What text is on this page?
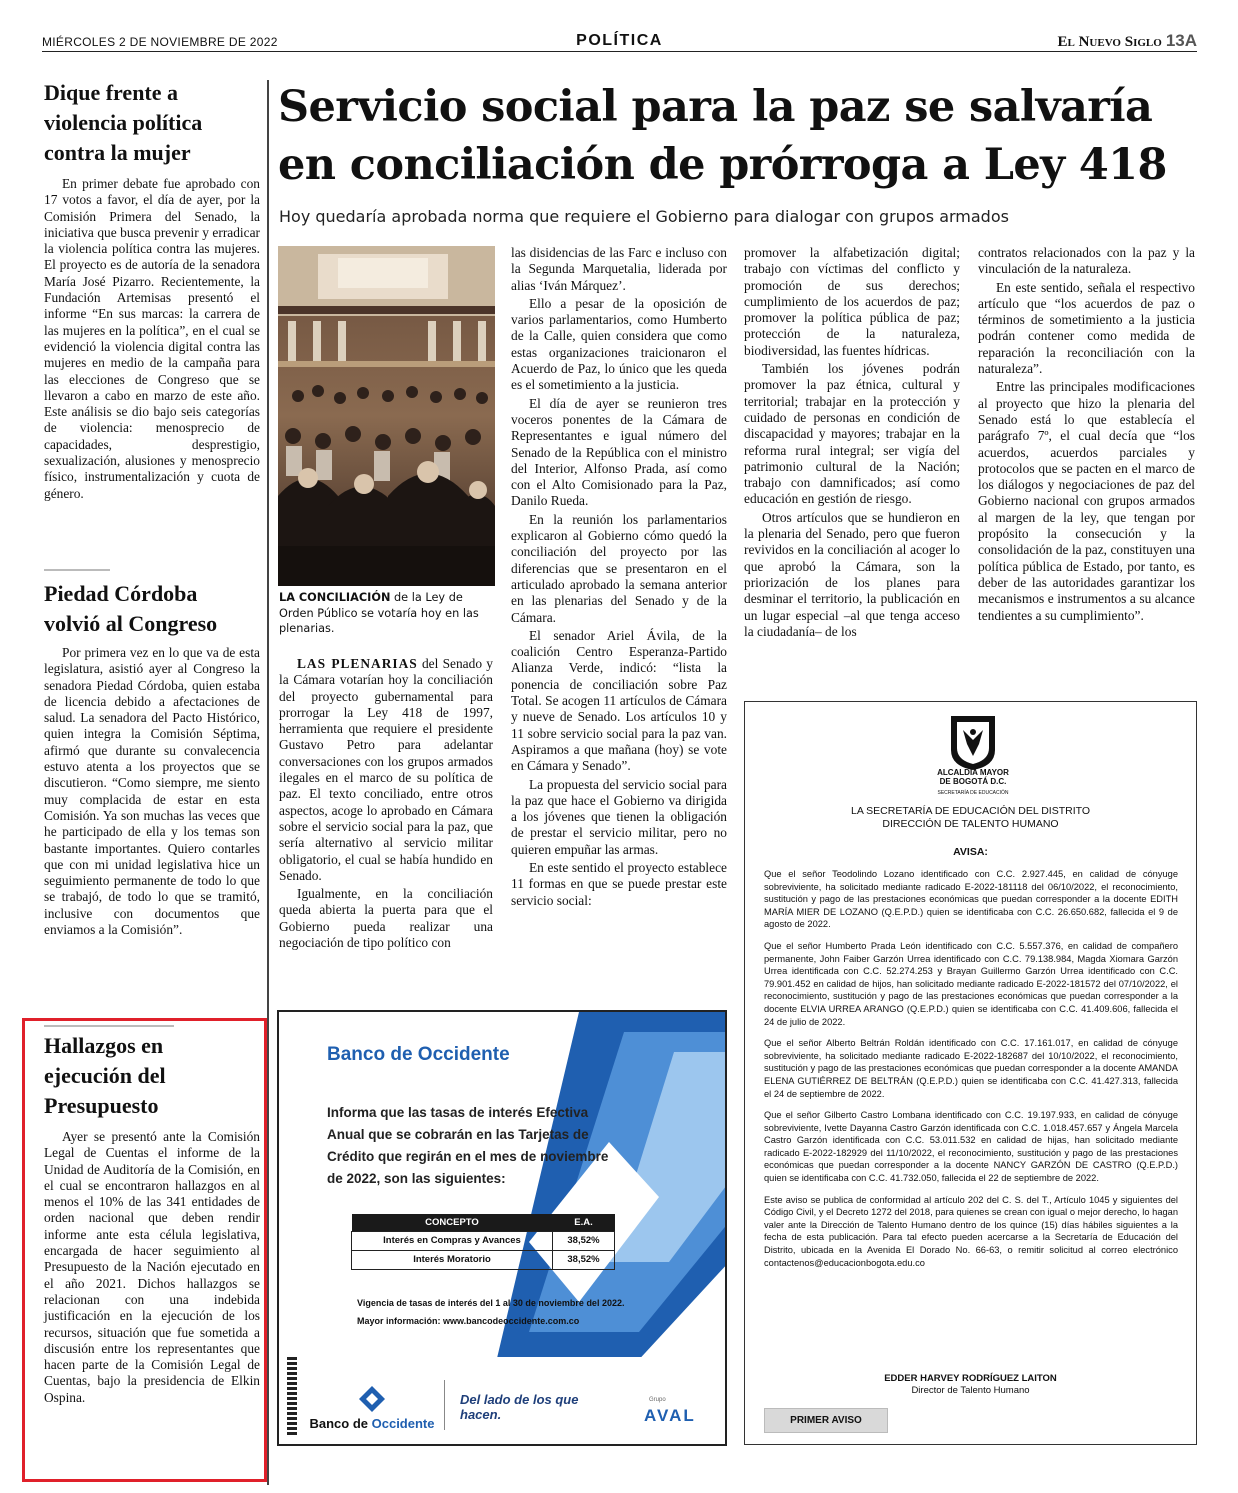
MIÉRCOLES 2 DE NOVIEMBRE DE 2022	POLÍTICA	El Nuevo Siglo 13A
Dique frente a
violencia política
contra la mujer

En primer debate fue aprobado con 17 votos a favor, el día de ayer, por la Comisión Primera del Senado, la iniciativa que busca prevenir y erradicar la violencia política contra las mujeres. El proyecto es de autoría de la senadora María José Pizarro. Recientemente, la Fundación Artemisas presentó el informe “En sus marcas: la carrera de las mujeres en la política”, en el cual se evidenció la violencia digital contra las mujeres en medio de la campaña para las elecciones de Congreso que se llevaron a cabo en marzo de este año. Este análisis se dio bajo seis categorías de violencia: menosprecio de capacidades, desprestigio, sexualización, alusiones y menosprecio físico, instrumentalización y cuota de género.

Piedad Córdoba
volvió al Congreso

Por primera vez en lo que va de esta legislatura, asistió ayer al Congreso la senadora Piedad Córdoba, quien estaba de licencia debido a afectaciones de salud. La senadora del Pacto Histórico, quien integra la Comisión Séptima, afirmó que durante su convalecencia estuvo atenta a los proyectos que se discutieron. “Como siempre, me siento muy complacida de estar en esta Comisión. Ya son muchas las veces que he participado de ella y los temas son bastante importantes. Quiero contarles que con mi unidad legislativa hice un seguimiento permanente de todo lo que se trabajó, de todo lo que se tramitó, inclusive con documentos que enviamos a la Comisión”.

Hallazgos en
ejecución del
Presupuesto

Ayer se presentó ante la Comisión Legal de Cuentas el informe de la Unidad de Auditoría de la Comisión, en el cual se encontraron hallazgos en al menos el 10% de las 341 entidades de orden nacional que deben rendir informe ante esta célula legislativa, encargada de hacer seguimiento al Presupuesto de la Nación ejecutado en el año 2021. Dichos hallazgos se relacionan con una indebida justificación en la ejecución de los recursos, situación que fue sometida a discusión entre los representantes que hacen parte de la Comisión Legal de Cuentas, bajo la presidencia de Elkin Ospina.

Servicio social para la paz se salvaría
en conciliación de prórroga a Ley 418
Hoy quedaría aprobada norma que requiere el Gobierno para dialogar con grupos armados
LA CONCILIACIÓN de la Ley de Orden Público se votaría hoy en las plenarias.

LAS PLENARIAS del Senado y la Cámara votarían hoy la conciliación del proyecto gubernamental para prorrogar la Ley 418 de 1997, herramienta que requiere el presidente Gustavo Petro para adelantar conversaciones con los grupos armados ilegales en el marco de su política de paz. El texto conciliado, entre otros aspectos, acoge lo aprobado en Cámara sobre el servicio social para la paz, que sería alternativo al servicio militar obligatorio, el cual se había hundido en Senado.

Igualmente, en la conciliación queda abierta la puerta para que el Gobierno pueda realizar una negociación de tipo político con

las disidencias de las Farc e incluso con la Segunda Marquetalia, liderada por alias ‘Iván Márquez’.

Ello a pesar de la oposición de varios parlamentarios, como Humberto de la Calle, quien considera que como estas organizaciones traicionaron el Acuerdo de Paz, lo único que les queda es el sometimiento a la justicia.

El día de ayer se reunieron tres voceros ponentes de la Cámara de Representantes e igual número del Senado de la República con el ministro del Interior, Alfonso Prada, así como con el Alto Comisionado para la Paz, Danilo Rueda.

En la reunión los parlamentarios explicaron al Gobierno cómo quedó la conciliación del proyecto por las diferencias que se presentaron en el articulado aprobado la semana anterior en las plenarias del Senado y de la Cámara.

El senador Ariel Ávila, de la coalición Centro Esperanza-Partido Alianza Verde, indicó: “lista la ponencia de conciliación sobre Paz Total. Se acogen 11 artículos de Cámara y nueve de Senado. Los artículos 10 y 11 sobre servicio social para la paz van. Aspiramos a que mañana (hoy) se vote en Cámara y Senado”.

La propuesta del servicio social para la paz que hace el Gobierno va dirigida a los jóvenes que tienen la obligación de prestar el servicio militar, pero no quieren empuñar las armas.

En este sentido el proyecto establece 11 formas en que se puede prestar este servicio social:

promover la alfabetización digital; trabajo con víctimas del conflicto y promoción de sus derechos; cumplimiento de los acuerdos de paz; promover la política pública de paz; protección de la naturaleza, biodiversidad, las fuentes hídricas.

También los jóvenes podrán promover la paz étnica, cultural y territorial; trabajar en la protección y cuidado de personas en condición de discapacidad y mayores; trabajar en la reforma rural integral; ser vigía del patrimonio cultural de la Nación; trabajo con damnificados; así como educación en gestión de riesgo.

Otros artículos que se hundieron en la plenaria del Senado, pero que fueron revividos en la conciliación al acoger lo que aprobó la Cámara, son la priorización de los planes para desminar el territorio, la publicación en un lugar especial –al que tenga acceso la ciudadanía– de los

contratos relacionados con la paz y la vinculación de la naturaleza.

En este sentido, señala el respectivo artículo que “los acuerdos de paz o términos de sometimiento a la justicia podrán contener como medida de reparación la reconciliación con la naturaleza”.

Entre las principales modificaciones al proyecto que hizo la plenaria del Senado está lo que establecía el parágrafo 7º, el cual decía que “los acuerdos, acuerdos parciales y protocolos que se pacten en el marco de los diálogos y negociaciones de paz del Gobierno nacional con grupos armados al margen de la ley, que tengan por propósito la consecución y la consolidación de la paz, constituyen una política pública de Estado, por tanto, es deber de las autoridades garantizar los mecanismos e instrumentos a su alcance tendientes a su cumplimiento”.

Banco de Occidente
Informa que las tasas de interés Efectiva Anual que se cobrarán en las Tarjetas de Crédito que regirán en el mes de noviembre de 2022, son las siguientes:
CONCEPTO	E.A.
Interés en Compras y Avances	38,52%
Interés Moratorio	38,52%
Vigencia de tasas de interés del 1 al 30 de noviembre del 2022.
Mayor información: www.bancodeoccidente.com.co
Banco de Occidente
Del lado de los que hacen.
Grupo
AVAL
ALCALDÍA MAYOR
DE BOGOTÁ D.C.
SECRETARÍA DE EDUCACIÓN
LA SECRETARÍA DE EDUCACIÓN DEL DISTRITO
DIRECCIÓN DE TALENTO HUMANO
AVISA:

Que el señor Teodolindo Lozano identificado con C.C. 2.927.445, en calidad de cónyuge sobreviviente, ha solicitado mediante radicado E-2022-181118 del 06/10/2022, el reconocimiento, sustitución y pago de las prestaciones económicas que puedan corresponder a la docente EDITH MARÍA MIER DE LOZANO (Q.E.P.D.) quien se identificaba con C.C. 26.650.682, fallecida el 9 de agosto de 2022.

Que el señor Humberto Prada León identificado con C.C. 5.557.376, en calidad de compañero permanente, John Faiber Garzón Urrea identificado con C.C. 79.138.984, Magda Xiomara Garzón Urrea identificada con C.C. 52.274.253 y Brayan Guillermo Garzón Urrea identificado con C.C. 79.901.452 en calidad de hijos, han solicitado mediante radicado E-2022-181572 del 07/10/2022, el reconocimiento, sustitución y pago de las prestaciones económicas que puedan corresponder a la docente ELVIA URREA ARANGO (Q.E.P.D.) quien se identificaba con C.C. 41.409.606, fallecida el 24 de julio de 2022.

Que el señor Alberto Beltrán Roldán identificado con C.C. 17.161.017, en calidad de cónyuge sobreviviente, ha solicitado mediante radicado E-2022-182687 del 10/10/2022, el reconocimiento, sustitución y pago de las prestaciones económicas que puedan corresponder a la docente AMANDA ELENA GUTIÉRREZ DE BELTRÁN (Q.E.P.D.) quien se identificaba con C.C. 41.427.313, fallecida el 24 de septiembre de 2022.

Que el señor Gilberto Castro Lombana identificado con C.C. 19.197.933, en calidad de cónyuge sobreviviente, Ivette Dayanna Castro Garzón identificada con C.C. 1.018.457.657 y Ángela Marcela Castro Garzón identificada con C.C. 53.011.532 en calidad de hijas, han solicitado mediante radicado E-2022-182929 del 11/10/2022, el reconocimiento, sustitución y pago de las prestaciones económicas que puedan corresponder a la docente NANCY GARZÓN DE CASTRO (Q.E.P.D.) quien se identificaba con C.C. 41.732.050, fallecida el 22 de septiembre de 2022.

Este aviso se publica de conformidad al artículo 202 del C. S. del T., Artículo 1045 y siguientes del Código Civil, y el Decreto 1272 del 2018, para quienes se crean con igual o mejor derecho, lo hagan valer ante la Dirección de Talento Humano dentro de los quince (15) días hábiles siguientes a la fecha de esta publicación. Para tal efecto pueden acercarse a la Secretaría de Educación del Distrito, ubicada en la Avenida El Dorado No. 66-63, o remitir solicitud al correo electrónico contactenos@educacionbogota.edu.co

EDDER HARVEY RODRÍGUEZ LAITON
Director de Talento Humano
PRIMER AVISO
